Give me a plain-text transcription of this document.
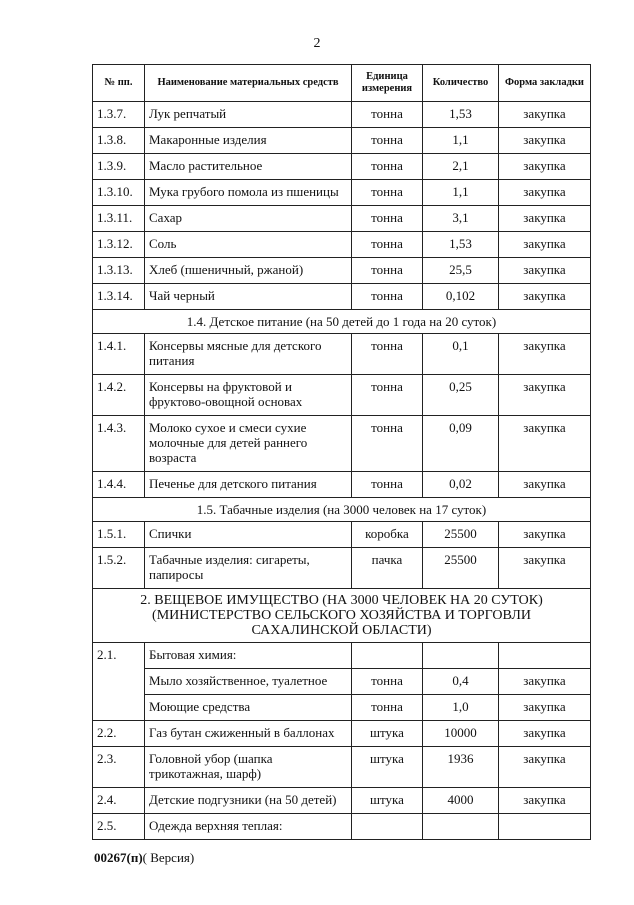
2
№ пп.	Наименование материальных средств	Единица измерения	Количество	Форма закладки
1.3.7.	Лук репчатый	тонна	1,53	закупка
1.3.8.	Макаронные изделия	тонна	1,1	закупка
1.3.9.	Масло растительное	тонна	2,1	закупка
1.3.10.	Мука грубого помола из пшеницы	тонна	1,1	закупка
1.3.11.	Сахар	тонна	3,1	закупка
1.3.12.	Соль	тонна	1,53	закупка
1.3.13.	Хлеб (пшеничный, ржаной)	тонна	25,5	закупка
1.3.14.	Чай черный	тонна	0,102	закупка
1.4. Детское питание (на 50 детей до 1 года на 20 суток)				
1.4.1.	Консервы мясные для детского питания	тонна	0,1	закупка
1.4.2.	Консервы на фруктовой и фруктово-овощной основах	тонна	0,25	закупка
1.4.3.	Молоко сухое и смеси сухие молочные для детей раннего возраста	тонна	0,09	закупка
1.4.4.	Печенье для детского питания	тонна	0,02	закупка
1.5. Табачные изделия (на 3000 человек на 17 суток)				
1.5.1.	Спички	коробка	25500	закупка
1.5.2.	Табачные изделия: сигареты, папиросы	пачка	25500	закупка
2. ВЕЩЕВОЕ ИМУЩЕСТВО (НА 3000 ЧЕЛОВЕК НА 20 СУТОК) (МИНИСТЕРСТВО СЕЛЬСКОГО ХОЗЯЙСТВА И ТОРГОВЛИ САХАЛИНСКОЙ ОБЛАСТИ)				
2.1.	Бытовая химия:			
	Мыло хозяйственное, туалетное	тонна	0,4	закупка
	Моющие средства	тонна	1,0	закупка
2.2.	Газ бутан сжиженный в баллонах	штука	10000	закупка
2.3.	Головной убор (шапка трикотажная, шарф)	штука	1936	закупка
2.4.	Детские подгузники (на 50 детей)	штука	4000	закупка
2.5.	Одежда верхняя теплая:			
00267(п)( Версия)
